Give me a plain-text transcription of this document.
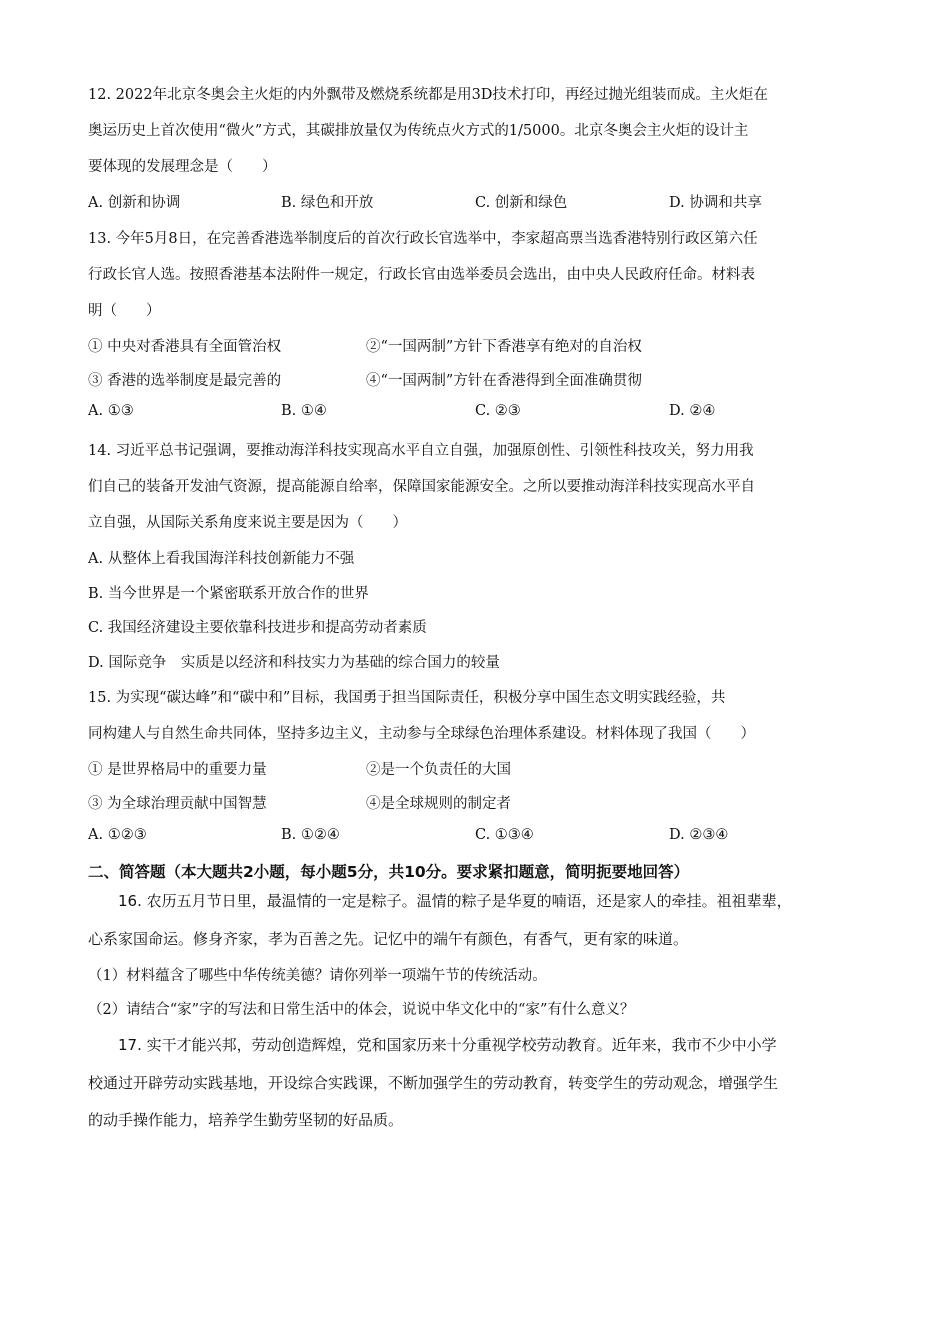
12. 2022年北京冬奥会主火炬的内外飘带及燃烧系统都是用3D技术打印，再经过抛光组装而成。主火炬在
奥运历史上首次使用“微火”方式，其碳排放量仅为传统点火方式的1/5000。北京冬奥会主火炬的设计主
要体现的发展理念是（　　）
A. 创新和协调	B. 绿色和开放	C. 创新和绿色	D. 协调和共享
13. 今年5月8日，在完善香港选举制度后的首次行政长官选举中，李家超高票当选香港特别行政区第六任
行政长官人选。按照香港基本法附件一规定，行政长官由选举委员会选出，由中央人民政府任命。材料表
明（　　）
① 中央对香港具有全面管治权	②“一国两制”方针下香港享有绝对的自治权
③ 香港的选举制度是最完善的	④“一国两制”方针在香港得到全面准确贯彻
A. ①③	B. ①④	C. ②③	D. ②④
14. 习近平总书记强调，要推动海洋科技实现高水平自立自强，加强原创性、引领性科技攻关，努力用我
们自己的装备开发油气资源，提高能源自给率，保障国家能源安全。之所以要推动海洋科技实现高水平自
立自强，从国际关系角度来说主要是因为（　　）
A. 从整体上看我国海洋科技创新能力不强
B. 当今世界是一个紧密联系开放合作的世界
C. 我国经济建设主要依靠科技进步和提高劳动者素质
D. 国际竞争　实质是以经济和科技实力为基础的综合国力的较量
15. 为实现“碳达峰”和“碳中和”目标，我国勇于担当国际责任，积极分享中国生态文明实践经验，共
同构建人与自然生命共同体，坚持多边主义，主动参与全球绿色治理体系建设。材料体现了我国（　　）
① 是世界格局中的重要力量	②是一个负责任的大国
③ 为全球治理贡献中国智慧	④是全球规则的制定者
A. ①②③	B. ①②④	C. ①③④	D. ②③④
二、简答题（本大题共2小题，每小题5分，共10分。要求紧扣题意，简明扼要地回答）
16. 农历五月节日里，最温情的一定是粽子。温情的粽子是华夏的喃语，还是家人的牵挂。祖祖辈辈，
心系家国命运。修身齐家，孝为百善之先。记忆中的端午有颜色，有香气，更有家的味道。
（1）材料蕴含了哪些中华传统美德？请你列举一项端午节的传统活动。
（2）请结合“家”字的写法和日常生活中的体会，说说中华文化中的“家”有什么意义？
17. 实干才能兴邦，劳动创造辉煌，党和国家历来十分重视学校劳动教育。近年来，我市不少中小学
校通过开辟劳动实践基地，开设综合实践课，不断加强学生的劳动教育，转变学生的劳动观念，增强学生
的动手操作能力，培养学生勤劳坚韧的好品质。
